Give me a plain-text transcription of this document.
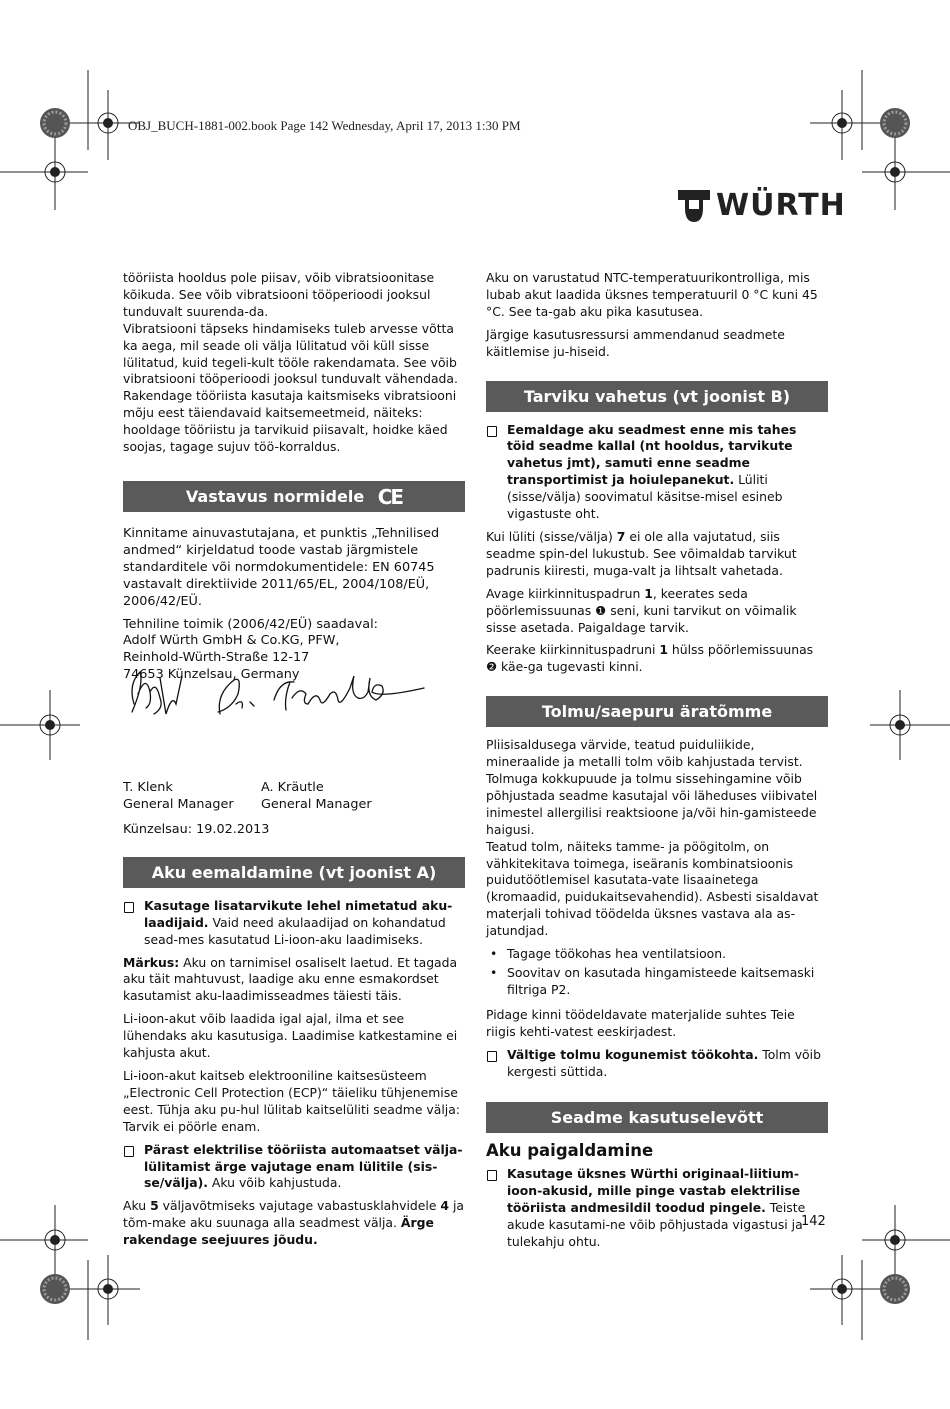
OBJ_BUCH-1881-002.book Page 142 Wednesday, April 17, 2013 1:30 PM
WÜRTH

tööriista hooldus pole piisav, võib vibratsioonitase kõikuda. See võib vibratsiooni tööperioodi jooksul tunduvalt suurenda-da.

Vibratsiooni täpseks hindamiseks tuleb arvesse võtta ka aega, mil seade oli välja lülitatud või küll sisse lülitatud, kuid tegeli-kult tööle rakendamata. See võib vibratsiooni tööperioodi jooksul tunduvalt vähendada.

Rakendage tööriista kasutaja kaitsmiseks vibratsiooni mõju eest täiendavaid kaitsemeetmeid, näiteks: hooldage tööriistu ja tarvikuid piisavalt, hoidke käed soojas, tagage sujuv töö-korraldus.

Vastavus normidele CE

Kinnitame ainuvastutajana, et punktis „Tehnilised andmed“ kirjeldatud toode vastab järgmistele standarditele või normdokumentidele: EN 60745 vastavalt direktiivide 2011/65/EL, 2004/108/EÜ, 2006/42/EÜ.

Tehniline toimik (2006/42/EÜ) saadaval:

Adolf Würth GmbH & Co.KG, PFW,

Reinhold-Würth-Straße 12-17

74653 Künzelsau, Germany

T. Klenk
General Manager
A. Kräutle
General Manager

Künzelsau: 19.02.2013

Aku eemaldamine (vt joonist A)
Kasutage lisatarvikute lehel nimetatud aku-laadijaid. Vaid need akulaadijad on kohandatud sead-mes kasutatud Li-ioon-aku laadimiseks.

Märkus: Aku on tarnimisel osaliselt laetud. Et tagada aku täit mahtuvust, laadige aku enne esmakordset kasutamist aku-laadimisseadmes täiesti täis.

Li-ioon-akut võib laadida igal ajal, ilma et see lühendaks aku kasutusiga. Laadimise katkestamine ei kahjusta akut.

Li-ioon-akut kaitseb elektrooniline kaitsesüsteem „Electronic Cell Protection (ECP)“ täieliku tühjenemise eest. Tühja aku pu-hul lülitab kaitselüliti seadme välja: Tarvik ei pöörle enam.

Pärast elektrilise tööriista automaatset välja-lülitamist ärge vajutage enam lülitile (sis-se/välja). Aku võib kahjustuda.

Aku 5 väljavõtmiseks vajutage vabastusklahvidele 4 ja tõm-make aku suunaga alla seadmest välja. Ärge rakendage seejuures jõudu.

Aku on varustatud NTC-temperatuurikontrolliga, mis lubab akut laadida üksnes temperatuuril 0 °C kuni 45 °C. See ta-gab aku pika kasutusea.

Järgige kasutusressursi ammendanud seadmete käitlemise ju-hiseid.

Tarviku vahetus (vt joonist B)
Eemaldage aku seadmest enne mis tahes töid seadme kallal (nt hooldus, tarvikute vahetus jmt), samuti enne seadme transportimist ja hoiulepanekut. Lüliti (sisse/välja) soovimatul käsitse-misel esineb vigastuste oht.

Kui lüliti (sisse/välja) 7 ei ole alla vajutatud, siis seadme spin-del lukustub. See võimaldab tarvikut padrunis kiiresti, muga-valt ja lihtsalt vahetada.

Avage kiirkinnituspadrun 1, keerates seda pöörlemissuunas ❶ seni, kuni tarvikut on võimalik sisse asetada. Paigaldage tarvik.

Keerake kiirkinnituspadruni 1 hülss pöörlemissuunas ❷ käe-ga tugevasti kinni.

Tolmu/saepuru äratõmme

Pliisisaldusega värvide, teatud puiduliikide, mineraalide ja metalli tolm võib kahjustada tervist. Tolmuga kokkupuude ja tolmu sissehingamine võib põhjustada seadme kasutajal või läheduses viibivatel inimestel allergilisi reaktsioone ja/või hin-gamisteede haigusi.

Teatud tolm, näiteks tamme- ja pöögitolm, on vähkitekitava toimega, iseäranis kombinatsioonis puidutöötlemisel kasutata-vate lisaainetega (kromaadid, puidukaitsevahendid). Asbesti sisaldavat materjali tohivad töödelda üksnes vastava ala as-jatundjad.

• Tagage töökohas hea ventilatsioon.
• Soovitav on kasutada hingamisteede kaitsemaski filtriga P2.

Pidage kinni töödeldavate materjalide suhtes Teie riigis kehti-vatest eeskirjadest.

Vältige tolmu kogunemist töökohta. Tolm võib kergesti süttida.
Seadme kasutuselevõtt
Aku paigaldamine
Kasutage üksnes Würthi originaal-liitium-ioon-akusid, mille pinge vastab elektrilise tööriista andmesildil toodud pingele. Teiste akude kasutami-ne võib põhjustada vigastusi ja tulekahju ohtu.
142
